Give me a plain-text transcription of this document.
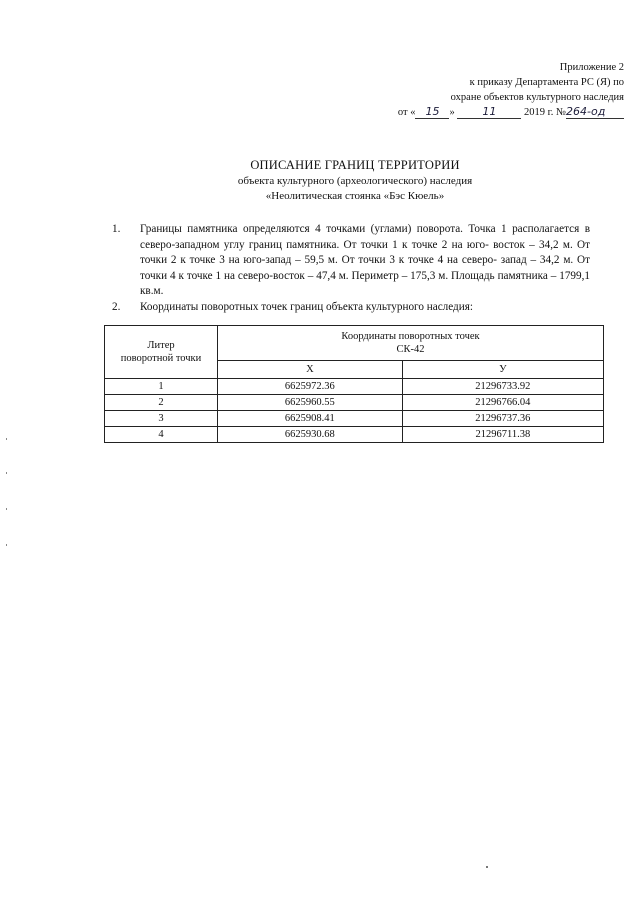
Приложение 2
к приказу Департамента РС (Я) по
охране объектов культурного наследия
от « 15 »	11	2019 г. №264-од
ОПИСАНИЕ ГРАНИЦ ТЕРРИТОРИИ
объекта культурного (археологического) наследия
«Неолитическая стоянка «Бэс Кюель»
1.	Границы памятника определяются 4 точками (углами) поворота. Точка 1 располагается в северо-западном углу границ памятника. От точки 1 к точке 2 на юго- восток – 34,2 м. От точки 2 к точке 3 на юго-запад – 59,5 м. От точки 3 к точке 4 на северо- запад – 34,2 м. От точки 4 к точке 1 на северо-восток – 47,4 м. Периметр – 175,3 м. Площадь памятника – 1799,1 кв.м.
2.	Координаты поворотных точек границ объекта культурного наследия:
Литер
поворотной точки	Координаты поворотных точек
СК-42	
	X	У
1	6625972.36	21296733.92
2	6625960.55	21296766.04
3	6625908.41	21296737.36
4	6625930.68	21296711.38
